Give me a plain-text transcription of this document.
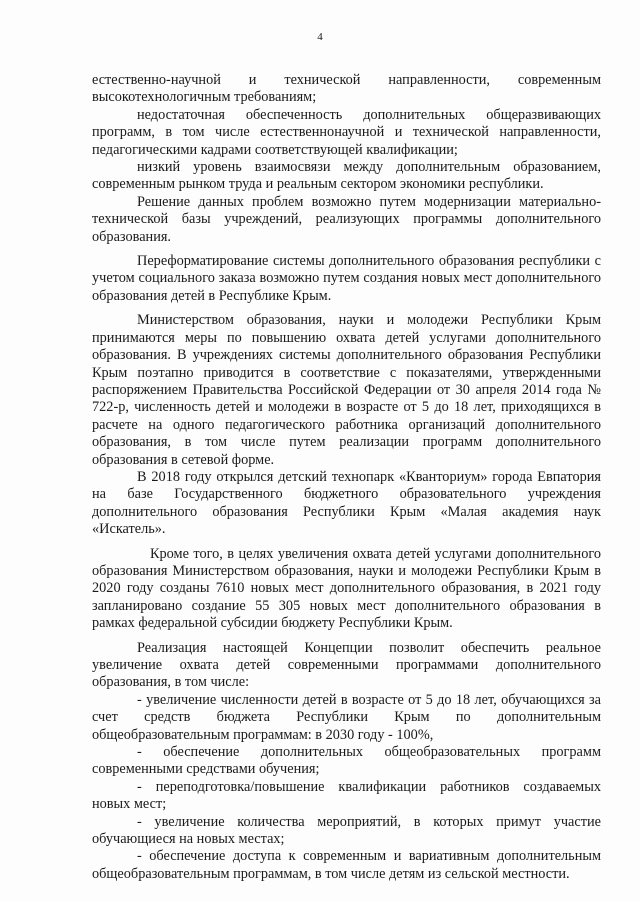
4

естественно-научной и технической направленности, современным высокотехнологичным требованиям;

недостаточная обеспеченность дополнительных общеразвивающих программ, в том числе естественнонаучной и технической направленности, педагогическими кадрами соответствующей квалификации;

низкий уровень взаимосвязи между дополнительным образованием, современным рынком труда и реальным сектором экономики республики.

Решение данных проблем возможно путем модернизации материально-технической базы учреждений, реализующих программы дополнительного образования.

Переформатирование системы дополнительного образования республики с учетом социального заказа возможно путем создания новых мест дополнительного образования детей в Республике Крым.

Министерством образования, науки и молодежи Республики Крым принимаются меры по повышению охвата детей услугами дополнительного образования. В учреждениях системы дополнительного образования Республики Крым поэтапно приводится в соответствие с показателями, утвержденными распоряжением Правительства Российской Федерации от 30 апреля 2014 года № 722-р, численность детей и молодежи в возрасте от 5 до 18 лет, приходящихся в расчете на одного педагогического работника организаций дополнительного образования, в том числе путем реализации программ дополнительного образования в сетевой форме.

В 2018 году открылся детский технопарк «Кванториум» города Евпатория на базе Государственного бюджетного образовательного учреждения дополнительного образования Республики Крым «Малая академия наук «Искатель».

Кроме того, в целях увеличения охвата детей услугами дополнительного образования Министерством образования, науки и молодежи Республики Крым в 2020 году созданы 7610 новых мест дополнительного образования, в 2021 году запланировано создание 55 305 новых мест дополнительного образования в рамках федеральной субсидии бюджету Республики Крым.

Реализация настоящей Концепции позволит обеспечить реальное увеличение охвата детей современными программами дополнительного образования, в том числе:

- увеличение численности детей в возрасте от 5 до 18 лет, обучающихся за счет средств бюджета Республики Крым по дополнительным общеобразовательным программам: в 2030 году - 100%,

- обеспечение дополнительных общеобразовательных программ современными средствами обучения;

- переподготовка/повышение квалификации работников создаваемых новых мест;

- увеличение количества мероприятий, в которых примут участие обучающиеся на новых местах;

- обеспечение доступа к современным и вариативным дополнительным общеобразовательным программам, в том числе детям из сельской местности.
